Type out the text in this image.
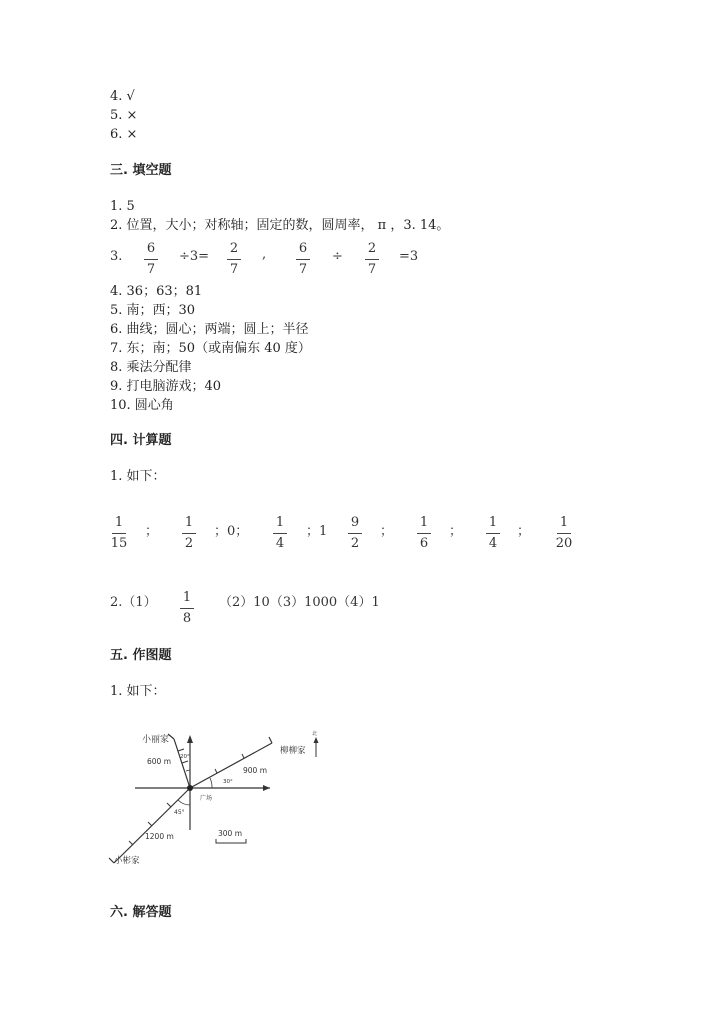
4. √
5. ×
6. ×
三. 填空题
1. 5
2. 位置，大小；对称轴；固定的数，圆周率， π ，3. 14。
3.
6
7
÷3=
2
7
,	6
7
÷
2
7
=3
4. 36；63；81
5. 南；西；30
6. 曲线；圆心；两端；圆上；半径
7. 东；南；50（或南偏东 40 度）
8. 乘法分配律
9. 打电脑游戏；40
10. 圆心角
四. 计算题
1. 如下：
1
15
；
1
2
；0；
1
4
；1
9
2
；
1
6
；
1
4
；
1
20
2.（1）	1
8
（2）10（3）1000（4）1
五. 作图题
1. 如下：
小丽家
柳柳家
小彬家
广场
600 m
900 m
1200 m
20°
30°
45°
北
300 m
六. 解答题
